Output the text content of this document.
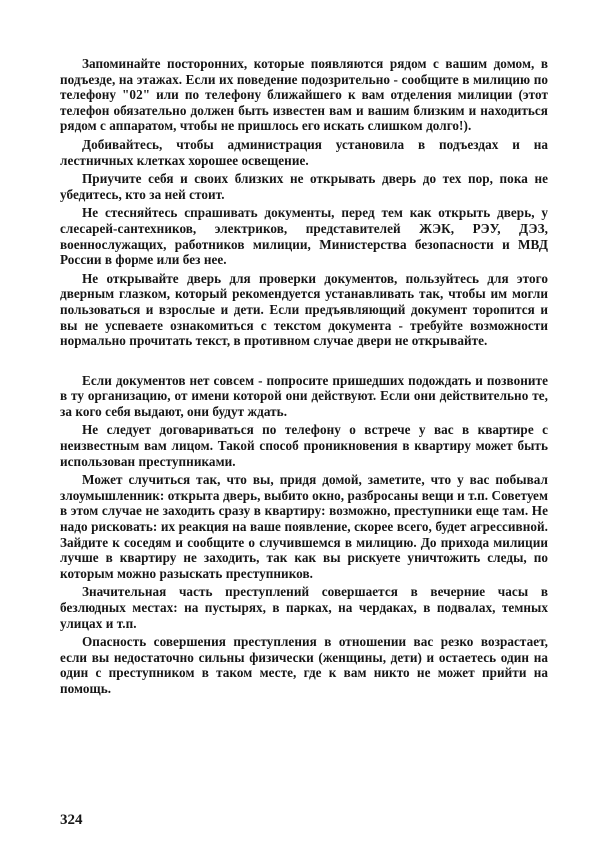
Запоминайте посторонних, которые появляются рядом с вашим домом, в подъезде, на этажах. Если их поведение подозрительно - сообщите в милицию по телефону "02" или по телефону ближайшего к вам отделения милиции (этот телефон обязательно должен быть известен вам и вашим близким и находиться рядом с аппаратом, чтобы не пришлось его искать слишком долго!).

Добивайтесь, чтобы администрация установила в подъездах и на лестничных клетках хорошее освещение.

Приучите себя и своих близких не открывать дверь до тех пор, пока не убедитесь, кто за ней стоит.

Не стесняйтесь спрашивать документы, перед тем как открыть дверь, у слесарей-сантехников, электриков, представителей ЖЭК, РЭУ, ДЭЗ, военнослужащих, работников милиции, Министерства безопасности и МВД России в форме или без нее.

Не открывайте дверь для проверки документов, пользуйтесь для этого дверным глазком, который рекомендуется устанавливать так, чтобы им могли пользоваться и взрослые и дети. Если предъявляющий документ торопится и вы не успеваете ознакомиться с текстом документа - требуйте возможности нормально прочитать текст, в противном случае двери не открывайте.

Если документов нет совсем - попросите пришедших подождать и позвоните в ту организацию, от имени которой они действуют. Если они действительно те, за кого себя выдают, они будут ждать.

Не следует договариваться по телефону о встрече у вас в квартире с неизвестным вам лицом. Такой способ проникновения в квартиру может быть использован преступниками.

Может случиться так, что вы, придя домой, заметите, что у вас побывал злоумышленник: открыта дверь, выбито окно, разбросаны вещи и т.п. Советуем в этом случае не заходить сразу в квартиру: возможно, преступники еще там. Не надо рисковать: их реакция на ваше появление, скорее всего, будет агрессивной. Зайдите к соседям и сообщите о случившемся в милицию. До прихода милиции лучше в квартиру не заходить, так как вы рискуете уничтожить следы, по которым можно разыскать преступников.

Значительная часть преступлений совершается в вечерние часы в безлюдных местах: на пустырях, в парках, на чердаках, в подвалах, темных улицах и т.п.

Опасность совершения преступления в отношении вас резко возрастает, если вы недостаточно сильны физически (женщины, дети) и остаетесь один на один с преступником в таком месте, где к вам никто не может прийти на помощь.

324
